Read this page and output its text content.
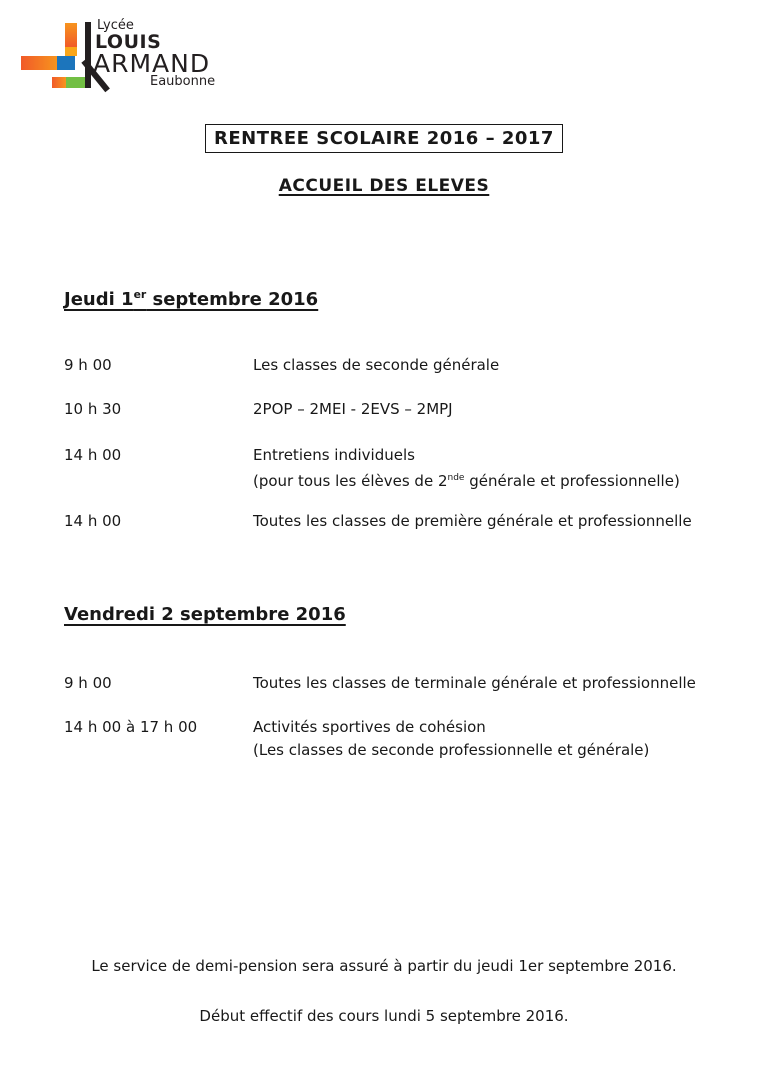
Lycée
LOUIS
ARMAND
Eaubonne
RENTREE SCOLAIRE 2016 – 2017
ACCUEIL DES ELEVES
Jeudi 1er septembre 2016
9 h 00	Les classes de seconde générale
10 h 30	2POP – 2MEI - 2EVS – 2MPJ
14 h 00	Entretiens individuels
(pour tous les élèves de 2nde générale et professionnelle)
14 h 00	Toutes les classes de première générale et professionnelle
Vendredi 2 septembre 2016
9 h 00	Toutes les classes de terminale générale et professionnelle
14 h 00 à 17 h 00	Activités sportives de cohésion
(Les classes de seconde professionnelle et générale)
Le service de demi-pension sera assuré à partir du jeudi 1er septembre 2016.
Début effectif des cours lundi 5 septembre 2016.
